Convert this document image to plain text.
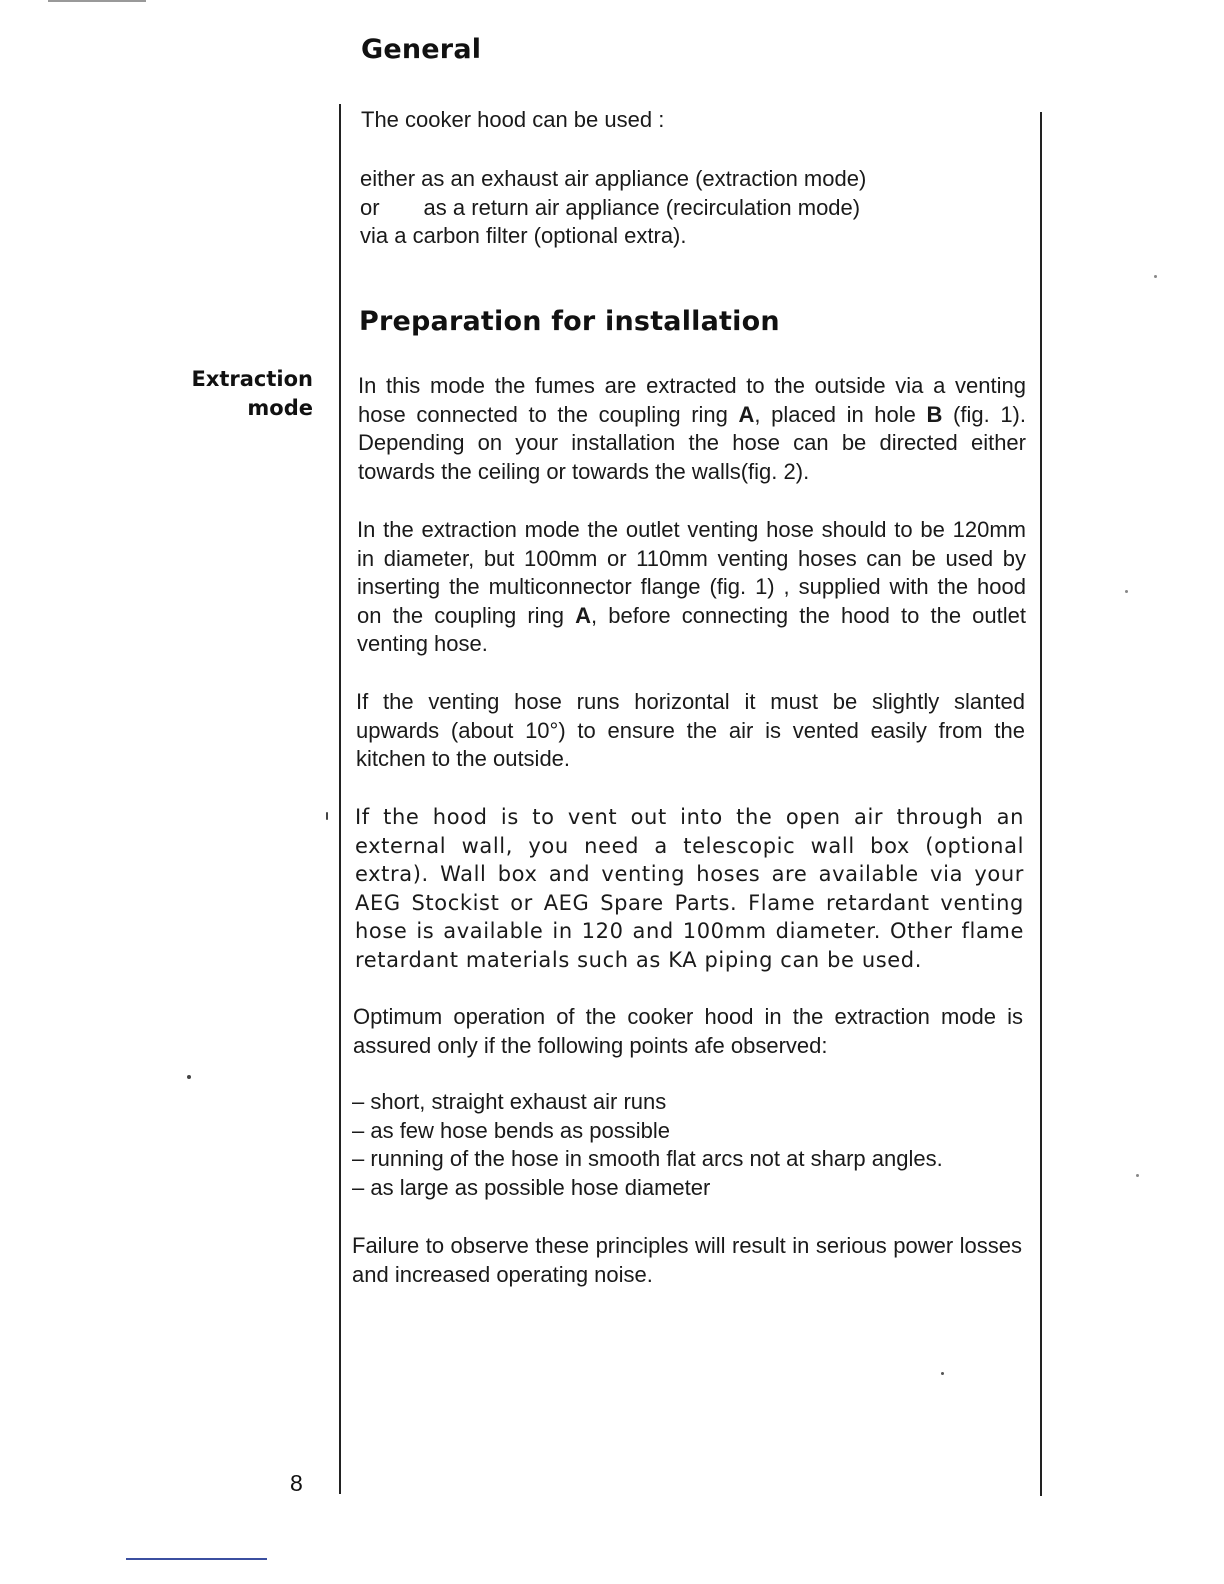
General
The cooker hood can be used :
either as an exhaust air appliance (extraction mode)
or  as a return air appliance (recirculation mode)
via a carbon filter (optional extra).
Preparation for installation
Extraction
mode
In this mode the fumes are extracted to the outside via a venting hose connected to the coupling ring A, placed in hole B (fig. 1). Depending on your installation the hose can be directed either towards the ceiling or towards the walls(fig. 2).
In the extraction mode the outlet venting hose should to be 120mm in diameter, but 100mm or 110mm venting hoses can be used by inserting the multiconnector flange (fig. 1) , supplied with the hood on the coupling ring A, before connecting the hood to the outlet venting hose.
If the venting hose runs horizontal it must be slightly slanted upwards (about 10°) to ensure the air is vented easily from the kitchen to the outside.
If the hood is to vent out into the open air through an external wall, you need a telescopic wall box (optional extra). Wall box and venting hoses are available via your AEG Stockist or AEG Spare Parts. Flame retardant venting hose is available in 120 and 100mm diameter. Other flame retardant materials such as KA piping can be used.
Optimum operation of the cooker hood in the extraction mode is assured only if the following points afe observed:
– short, straight exhaust air runs
– as few hose bends as possible
– running of the hose in smooth flat arcs not at sharp angles.
– as large as possible hose diameter
Failure to observe these principles will result in serious power losses and increased operating noise.
8
